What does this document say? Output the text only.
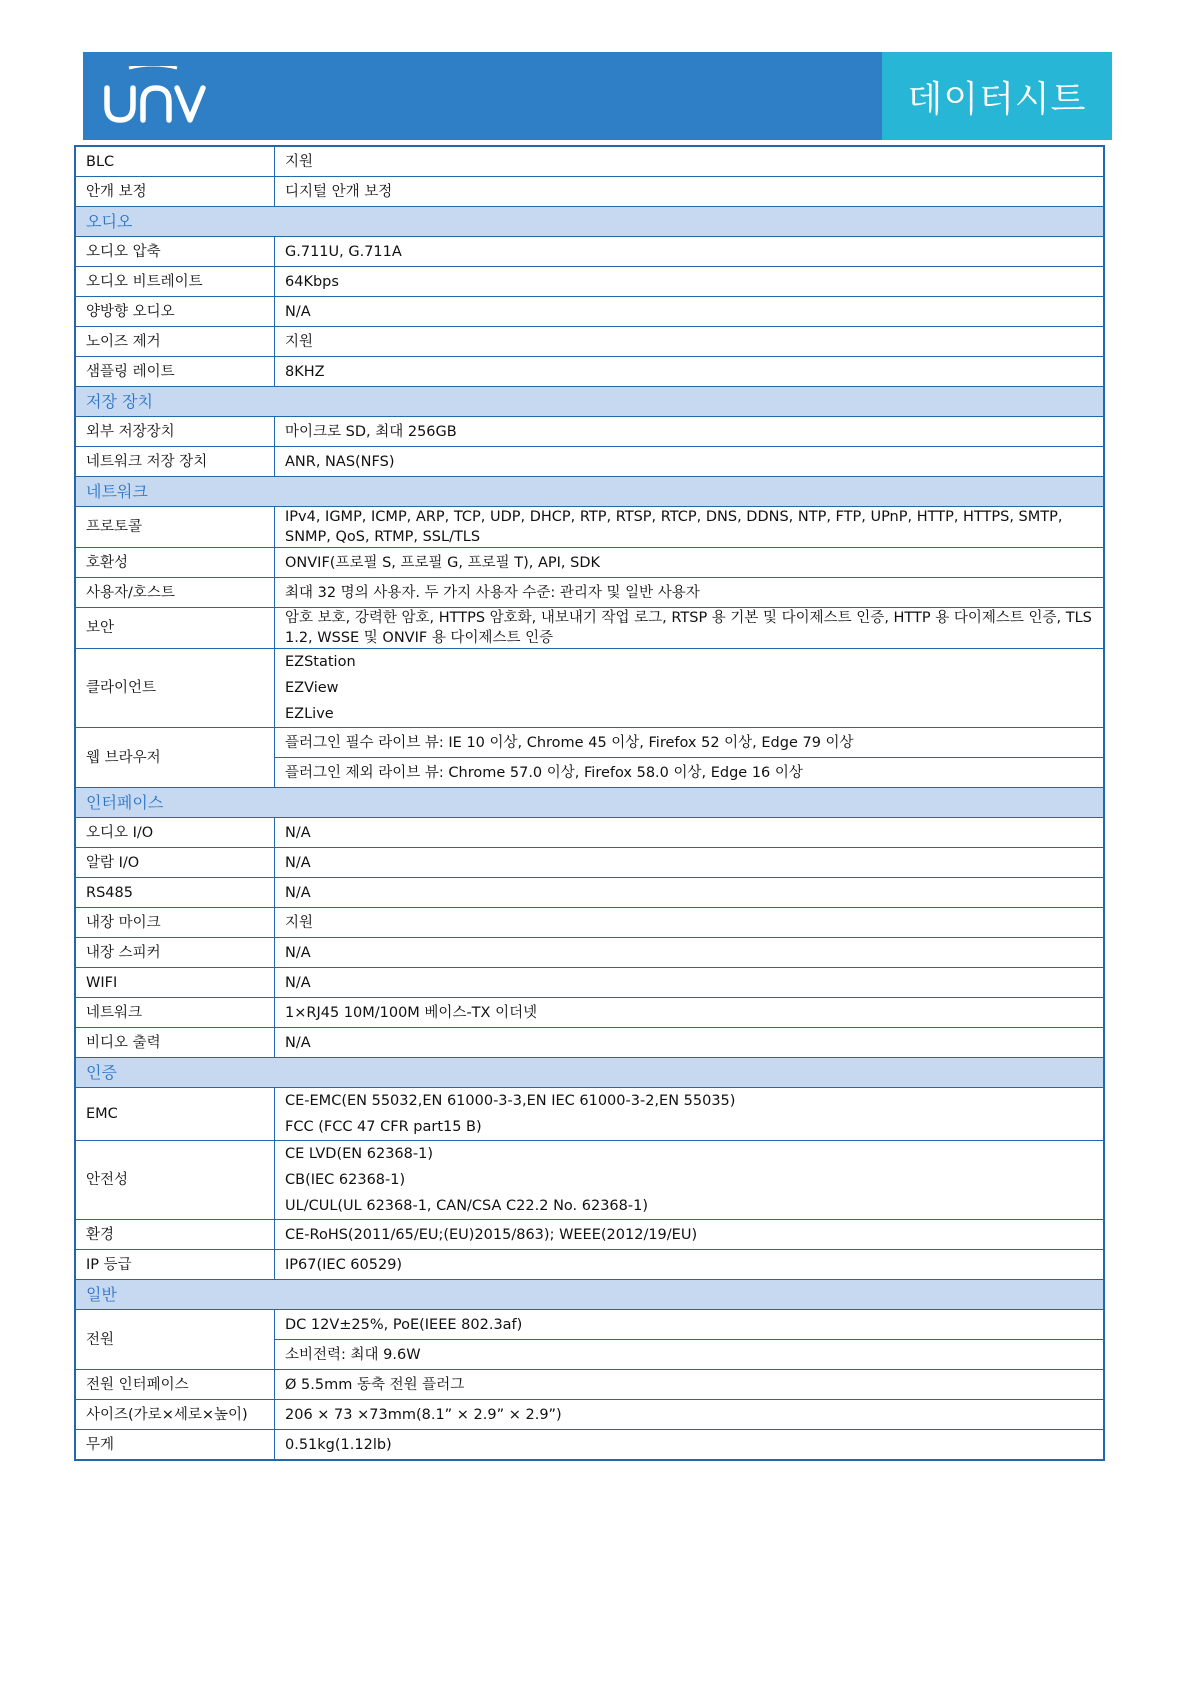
데이터시트
BLC	지원
안개 보정	디지털 안개 보정
오디오	
오디오 압축	G.711U, G.711A
오디오 비트레이트	64Kbps
양방향 오디오	N/A
노이즈 제거	지원
샘플링 레이트	8KHZ
저장 장치	
외부 저장장치	마이크로 SD, 최대 256GB
네트워크 저장 장치	ANR, NAS(NFS)
네트워크	
프로토콜	IPv4, IGMP, ICMP, ARP, TCP, UDP, DHCP, RTP, RTSP, RTCP, DNS, DDNS, NTP, FTP, UPnP, HTTP, HTTPS, SMTP, SNMP, QoS, RTMP, SSL/TLS
호환성	ONVIF(프로필 S, 프로필 G, 프로필 T), API, SDK
사용자/호스트	최대 32 명의 사용자. 두 가지 사용자 수준: 관리자 및 일반 사용자
보안	암호 보호, 강력한 암호, HTTPS 암호화, 내보내기 작업 로그, RTSP 용 기본 및 다이제스트 인증, HTTP 용 다이제스트 인증, TLS 1.2, WSSE 및 ONVIF 용 다이제스트 인증
클라이언트	EZStation
EZView
EZLive

웹 브라우저	플러그인 필수 라이브 뷰: IE 10 이상, Chrome 45 이상, Firefox 52 이상, Edge 79 이상
	플러그인 제외 라이브 뷰: Chrome 57.0 이상, Firefox 58.0 이상, Edge 16 이상
인터페이스	
오디오 I/O	N/A
알람 I/O	N/A
RS485	N/A
내장 마이크	지원
내장 스피커	N/A
WIFI	N/A
네트워크	1×RJ45 10M/100M 베이스-TX 이더넷
비디오 출력	N/A
인증	
EMC	CE-EMC(EN 55032,EN 61000-3-3,EN IEC 61000-3-2,EN 55035)
FCC (FCC 47 CFR part15 B)

안전성	CE LVD(EN 62368-1)
CB(IEC 62368-1)
UL/CUL(UL 62368-1, CAN/CSA C22.2 No. 62368-1)

환경	CE-RoHS(2011/65/EU;(EU)2015/863); WEEE(2012/19/EU)
IP 등급	IP67(IEC 60529)
일반	
전원	DC 12V±25%, PoE(IEEE 802.3af)
	소비전력: 최대 9.6W
전원 인터페이스	Ø 5.5mm 동축 전원 플러그
사이즈(가로×세로×높이)	206 × 73 ×73mm(8.1” × 2.9” × 2.9”)
무게	0.51kg(1.12lb)
